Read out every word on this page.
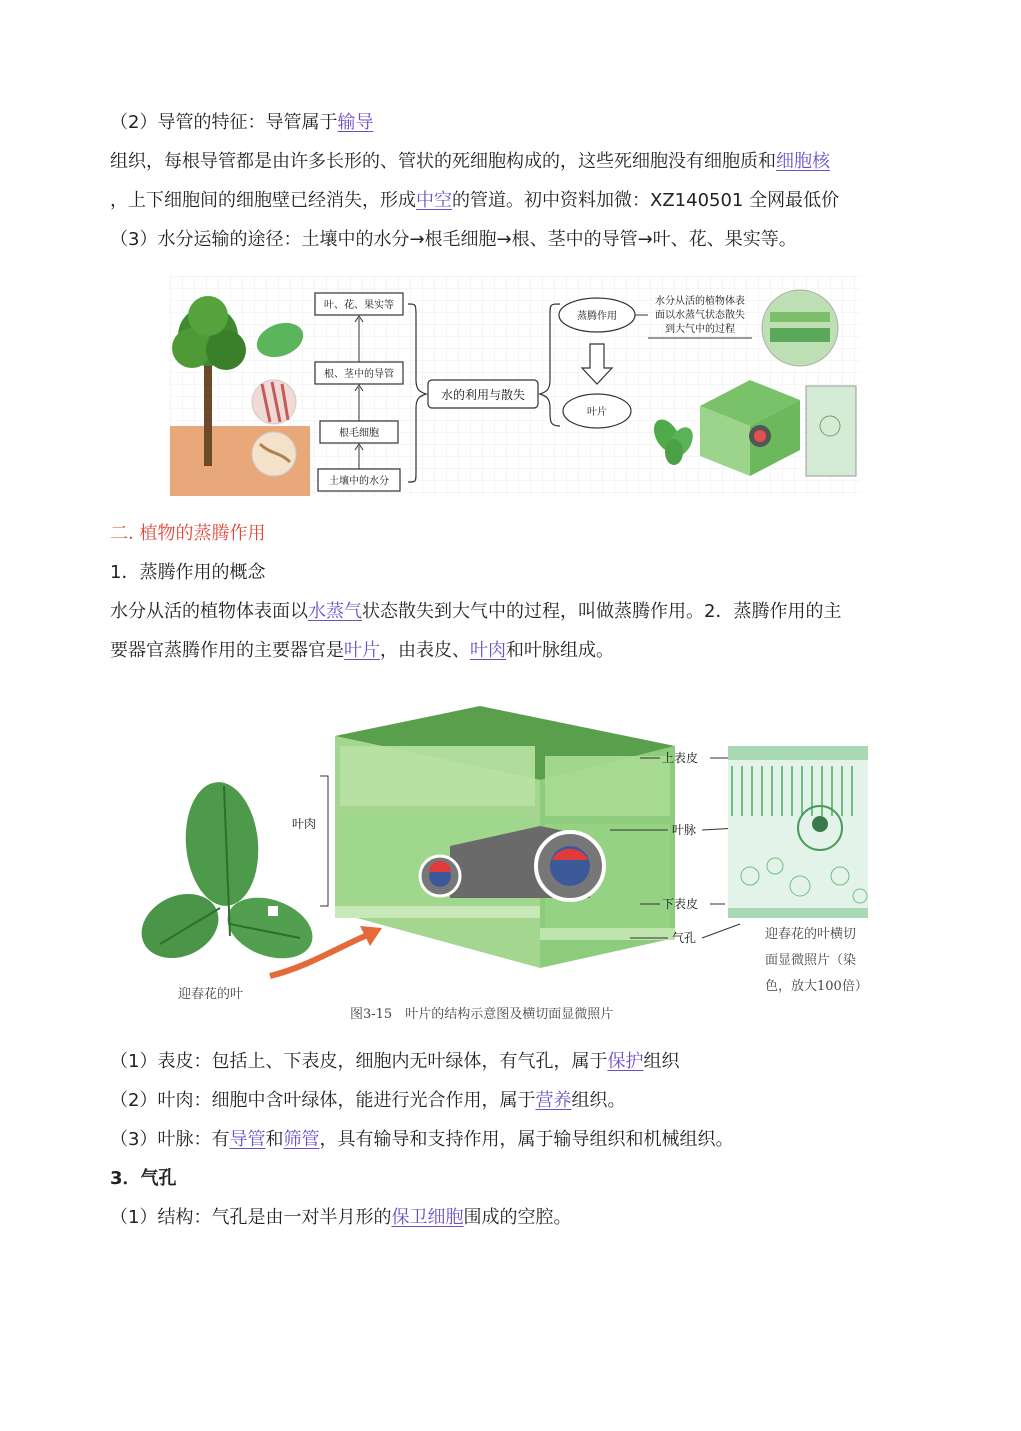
（2）导管的特征：导管属于输导
组织，每根导管都是由许多长形的、管状的死细胞构成的，这些死细胞没有细胞质和细胞核
，上下细胞间的细胞壁已经消失，形成中空的管道。初中资料加微：XZ140501 全网最低价
（3）水分运输的途径：土壤中的水分→根毛细胞→根、茎中的导管→叶、花、果实等。
叶、花、果实等
根、茎中的导管
根毛细胞
土壤中的水分
水的利用与散失
蒸腾作用
叶片
水分从活的植物体表
面以水蒸气状态散失
到大气中的过程
二. 植物的蒸腾作用
1．蒸腾作用的概念
水分从活的植物体表面以水蒸气状态散失到大气中的过程，叫做蒸腾作用。2．蒸腾作用的主
要器官蒸腾作用的主要器官是叶片，由表皮、叶肉和叶脉组成。
叶肉
上表皮
叶脉
下表皮
气孔	迎春花的叶横切
面显微照片（染
色，放大100倍）
迎春花的叶
图3-15　叶片的结构示意图及横切面显微照片
（1）表皮：包括上、下表皮，细胞内无叶绿体，有气孔，属于保护组织
（2）叶肉：细胞中含叶绿体，能进行光合作用，属于营养组织。
（3）叶脉：有导管和筛管，具有输导和支持作用，属于输导组织和机械组织。
3．气孔
（1）结构：气孔是由一对半月形的保卫细胞围成的空腔。
